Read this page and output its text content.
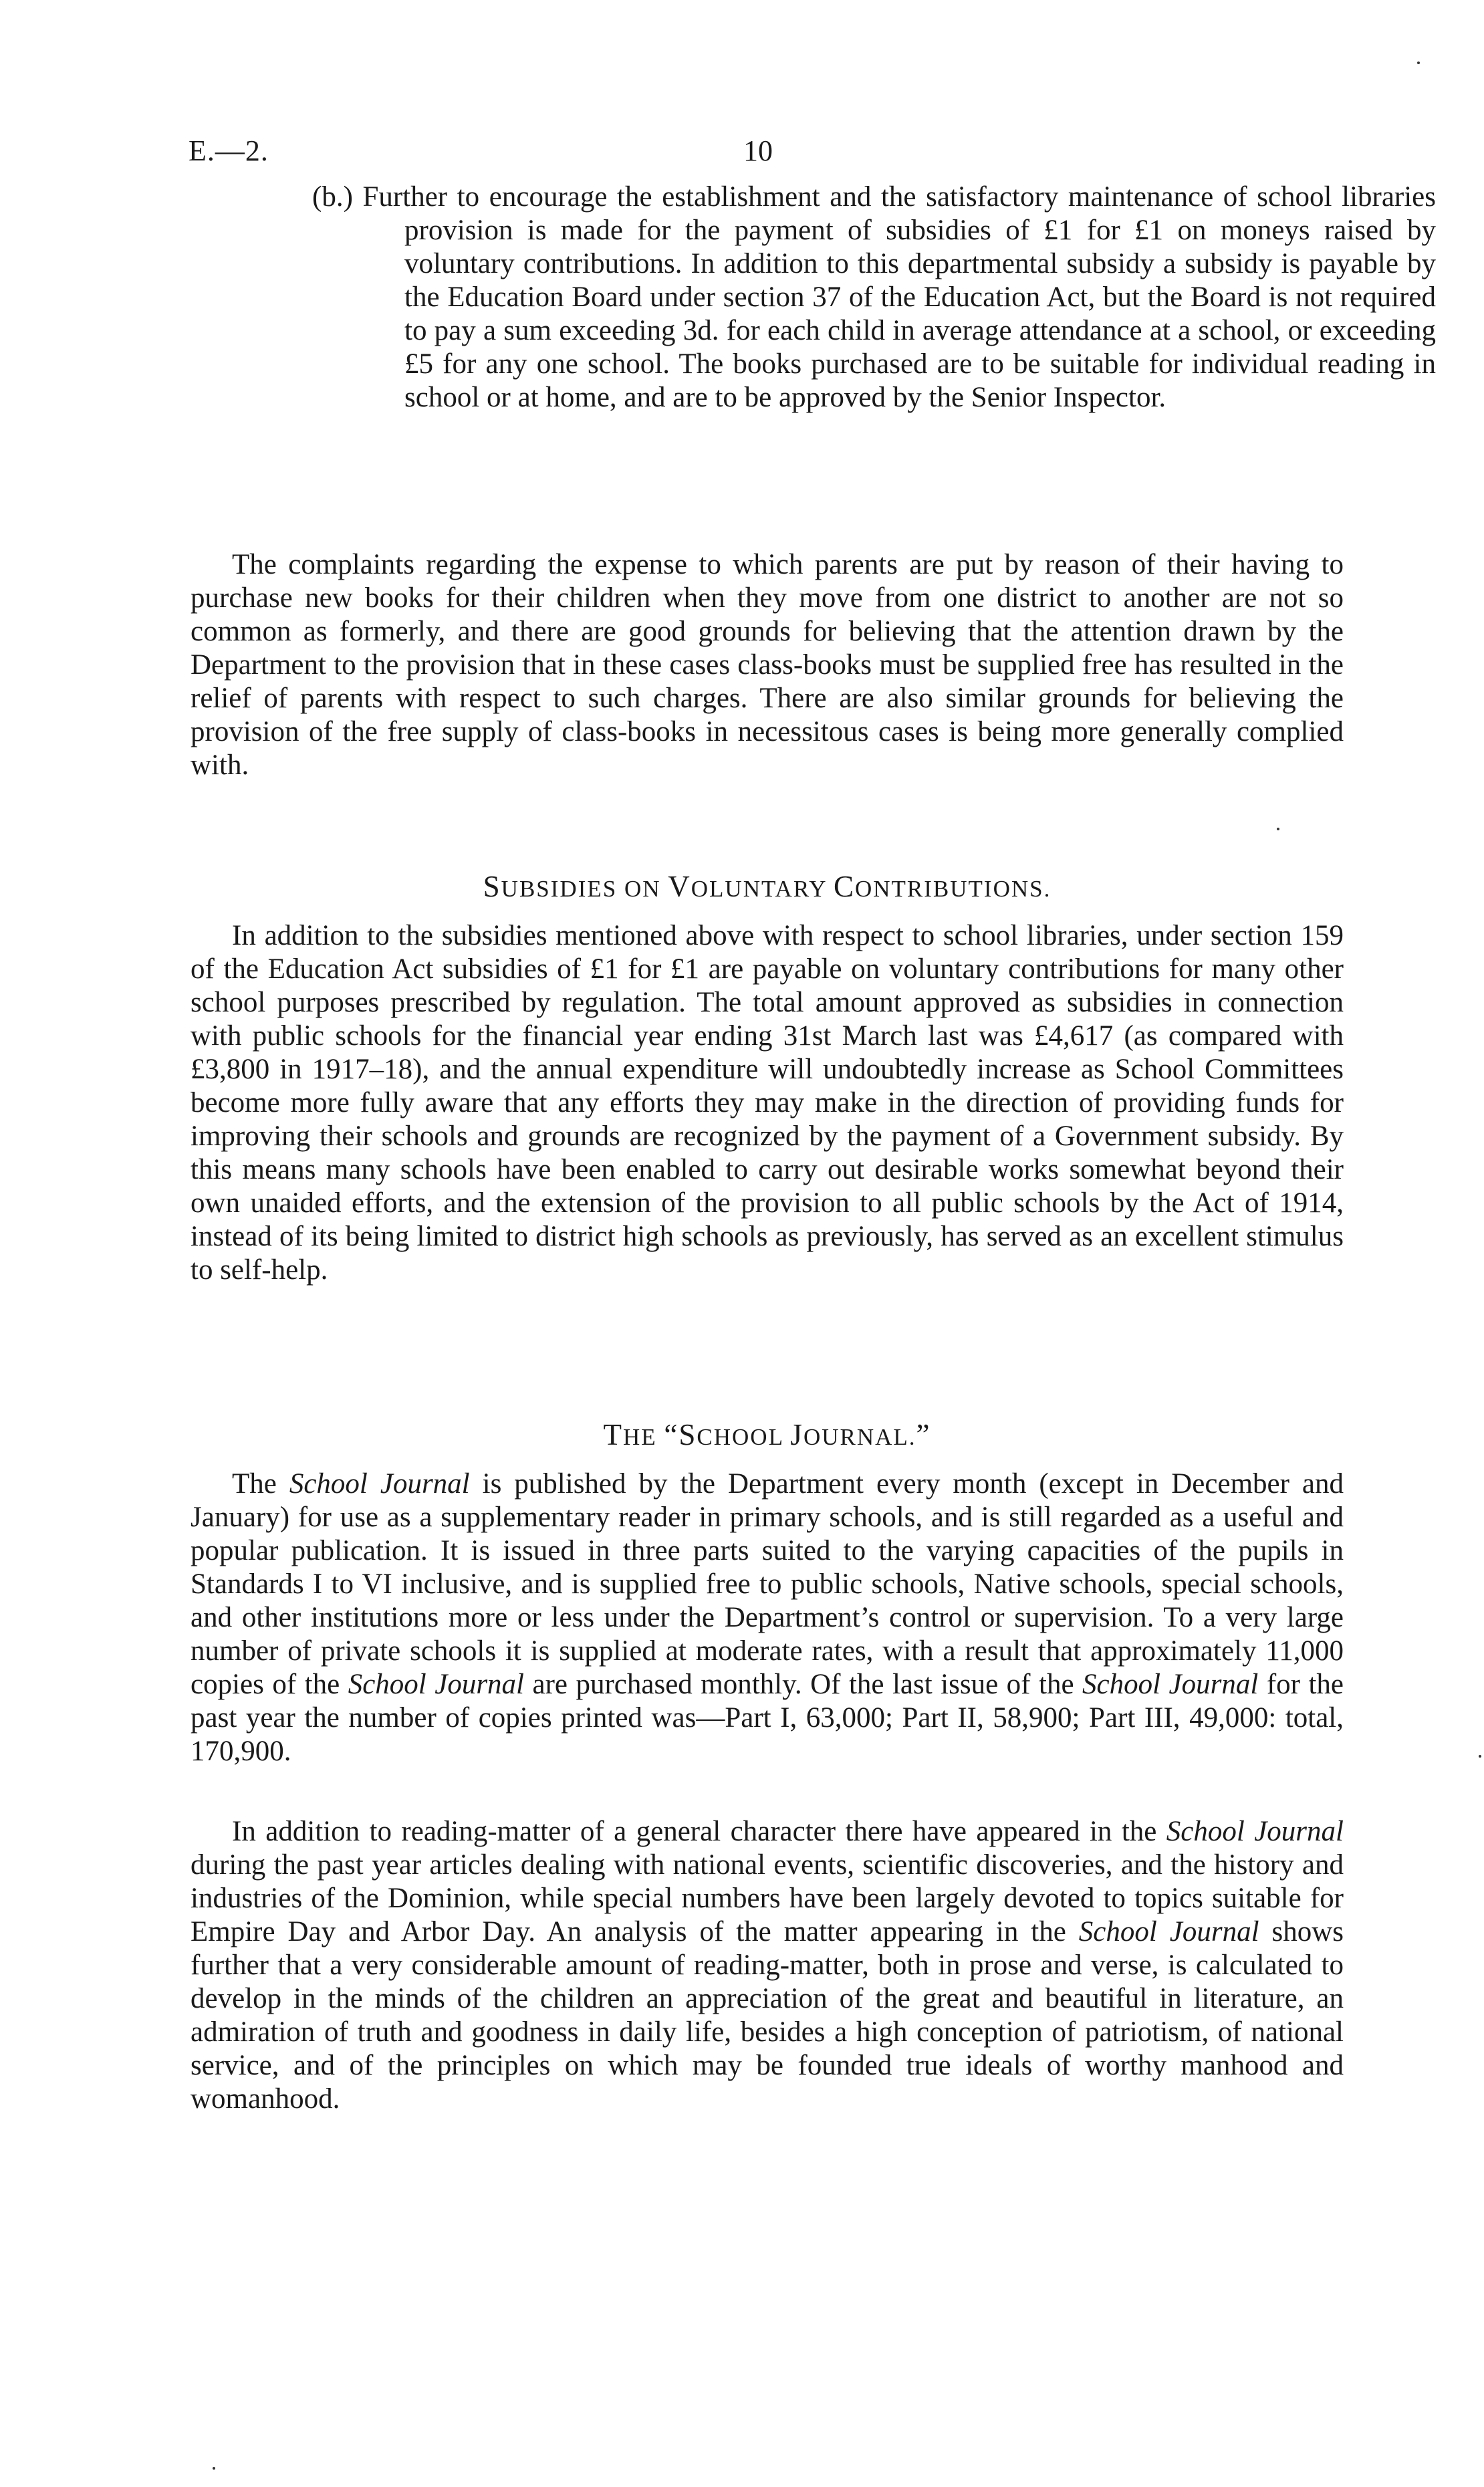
E.—2.	10
(b.) Further to encourage the establishment and the satisfactory maintenance of school libraries provision is made for the payment of subsidies of £1 for £1 on moneys raised by voluntary contributions. In addition to this departmental subsidy a subsidy is payable by the Education Board under section 37 of the Education Act, but the Board is not required to pay a sum exceeding 3d. for each child in average attendance at a school, or exceeding £5 for any one school. The books purchased are to be suitable for individual reading in school or at home, and are to be approved by the Senior Inspector.
The complaints regarding the expense to which parents are put by reason of their having to purchase new books for their children when they move from one district to another are not so common as formerly, and there are good grounds for believing that the attention drawn by the Department to the provision that in these cases class-books must be supplied free has resulted in the relief of parents with respect to such charges. There are also similar grounds for believing the provision of the free supply of class-books in necessitous cases is being more generally complied with.
SUBSIDIES ON VOLUNTARY CONTRIBUTIONS.
In addition to the subsidies mentioned above with respect to school libraries, under section 159 of the Education Act subsidies of £1 for £1 are payable on voluntary contributions for many other school purposes prescribed by regulation. The total amount approved as subsidies in connection with public schools for the financial year ending 31st March last was £4,617 (as compared with £3,800 in 1917–18), and the annual expenditure will undoubtedly increase as School Committees become more fully aware that any efforts they may make in the direction of providing funds for improving their schools and grounds are recognized by the payment of a Government subsidy. By this means many schools have been enabled to carry out desirable works somewhat beyond their own unaided efforts, and the extension of the provision to all public schools by the Act of 1914, instead of its being limited to district high schools as previously, has served as an excellent stimulus to self-help.
THE “SCHOOL JOURNAL.”
The School Journal is published by the Department every month (except in December and January) for use as a supplementary reader in primary schools, and is still regarded as a useful and popular publication. It is issued in three parts suited to the varying capacities of the pupils in Standards I to VI inclusive, and is supplied free to public schools, Native schools, special schools, and other institutions more or less under the Department’s control or supervision. To a very large number of private schools it is supplied at moderate rates, with a result that approximately 11,000 copies of the School Journal are purchased monthly. Of the last issue of the School Journal for the past year the number of copies printed was—Part I, 63,000; Part II, 58,900; Part III, 49,000: total, 170,900.
In addition to reading-matter of a general character there have appeared in the School Journal during the past year articles dealing with national events, scientific discoveries, and the history and industries of the Dominion, while special numbers have been largely devoted to topics suitable for Empire Day and Arbor Day. An analysis of the matter appearing in the School Journal shows further that a very considerable amount of reading-matter, both in prose and verse, is calculated to develop in the minds of the children an appreciation of the great and beautiful in literature, an admiration of truth and goodness in daily life, besides a high conception of patriotism, of national service, and of the principles on which may be founded true ideals of worthy manhood and womanhood.
